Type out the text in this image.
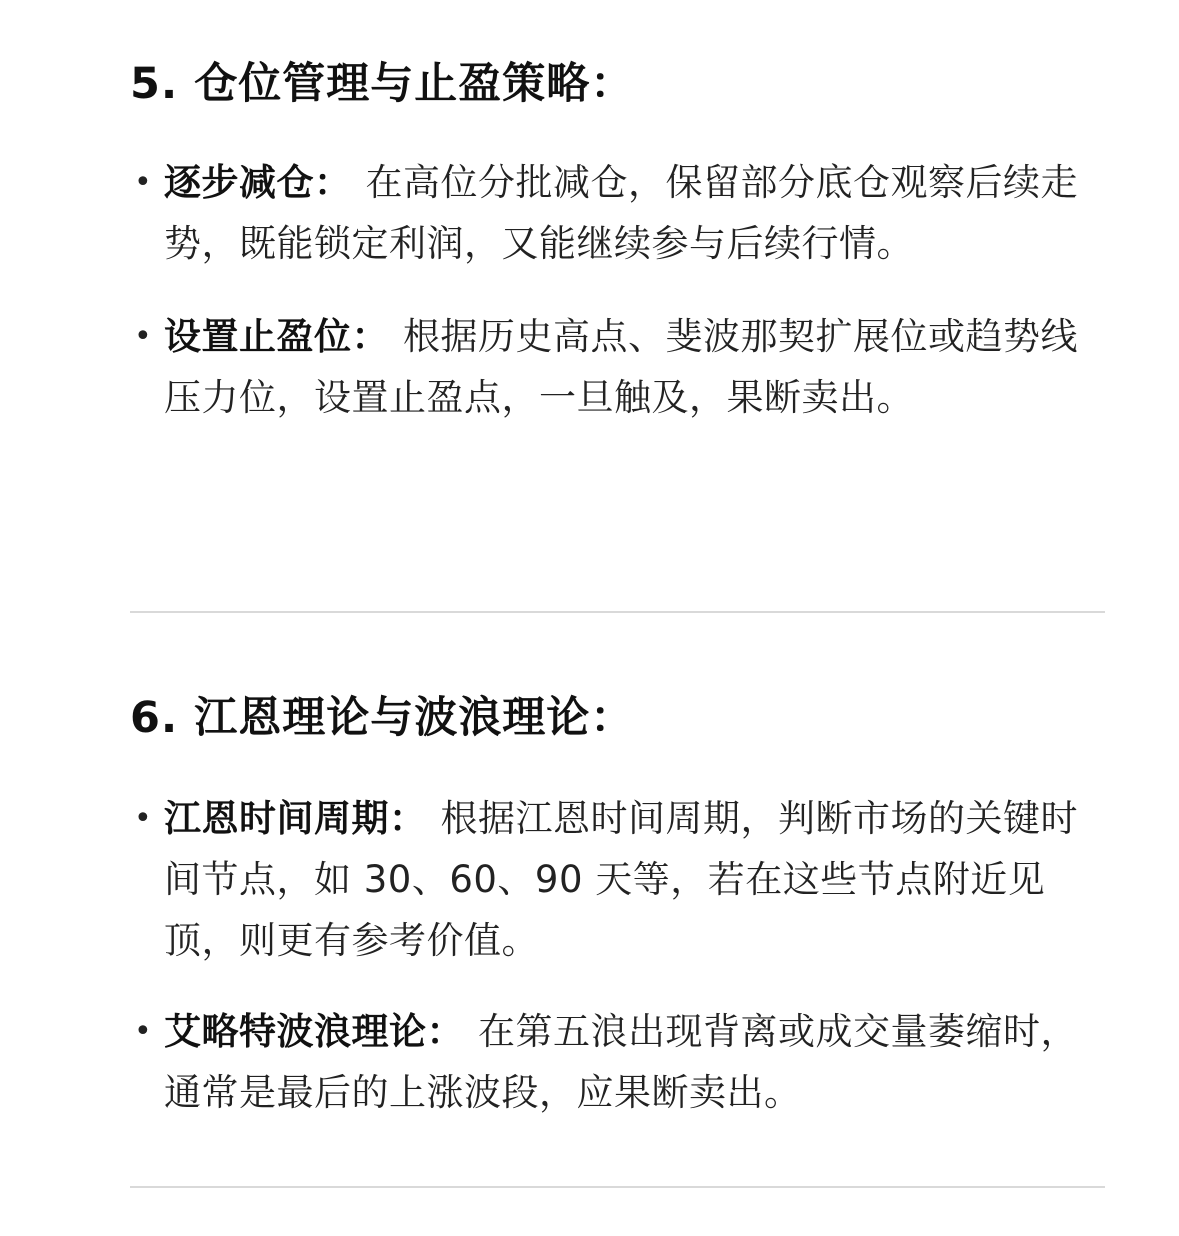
5. 仓位管理与止盈策略：
• 逐步减仓： 在高位分批减仓，保留部分底仓观察后续走势，既能锁定利润，又能继续参与后续行情。
• 设置止盈位： 根据历史高点、斐波那契扩展位或趋势线压力位，设置止盈点，一旦触及，果断卖出。
6. 江恩理论与波浪理论：
• 江恩时间周期： 根据江恩时间周期，判断市场的关键时间节点，如 30、60、90 天等，若在这些节点附近见顶，则更有参考价值。
• 艾略特波浪理论： 在第五浪出现背离或成交量萎缩时，通常是最后的上涨波段，应果断卖出。
